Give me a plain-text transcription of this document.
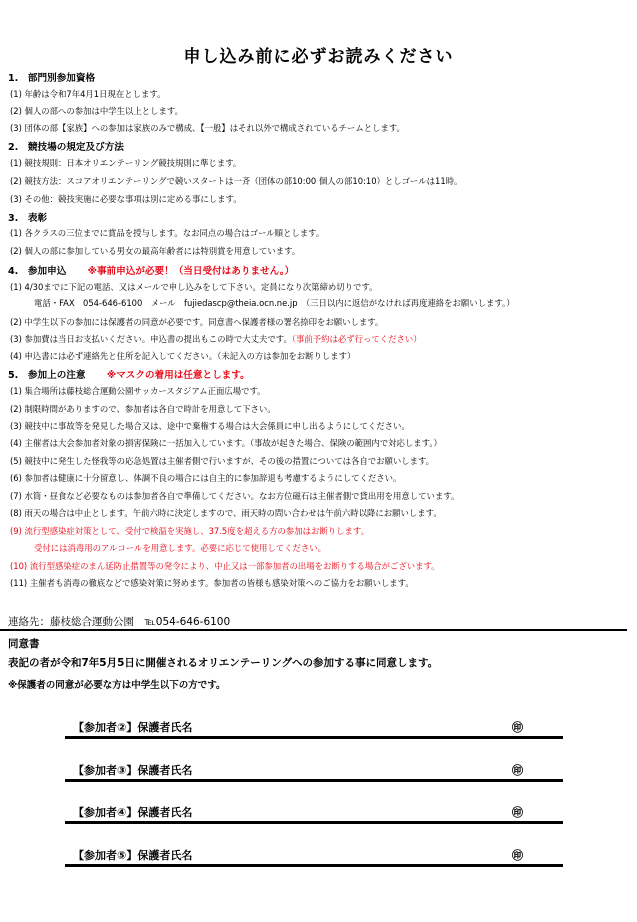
申し込み前に必ずお読みください
1.　部門別参加資格
(1) 年齢は令和7年4月1日現在とします。
(2) 個人の部への参加は中学生以上とします。
(3) 団体の部【家族】への参加は家族のみで構成、【一般】はそれ以外で構成されているチームとします。
2.　競技場の規定及び方法
(1) 競技規則：日本オリエンテーリング競技規則に準じます。
(2) 競技方法：スコアオリエンテーリングで競いスタートは一斉（団体の部10:00 個人の部10:10）としゴールは11時。
(3) その他：競技実施に必要な事項は別に定める事にします。
3.　表彰
(1) 各クラスの三位までに賞品を授与します。なお同点の場合はゴール順とします。
(2) 個人の部に参加している男女の最高年齢者には特別賞を用意しています。
4.　参加申込 ※事前申込が必要！（当日受付はありません。）
(1) 4/30までに下記の電話、又はメールで申し込みをして下さい。定員になり次第締め切りです。
電話・FAX　054-646-6100　メール　fujiedascp@theia.ocn.ne.jp　（三日以内に返信がなければ再度連絡をお願いします。）
(2) 中学生以下の参加には保護者の同意が必要です。同意書へ保護者様の署名捺印をお願いします。
(3) 参加費は当日お支払いください。申込書の提出もこの時で大丈夫です。（事前予約は必ず行ってください）
(4) 申込書には必ず連絡先と住所を記入してください。（未記入の方は参加をお断りします）
5.　参加上の注意 ※マスクの着用は任意とします。
(1) 集合場所は藤枝総合運動公園サッカースタジアム正面広場です。
(2) 制限時間がありますので、参加者は各自で時計を用意して下さい。
(3) 競技中に事故等を発見した場合又は、途中で棄権する場合は大会係員に申し出るようにしてください。
(4) 主催者は大会参加者対象の損害保険に一括加入しています。（事故が起きた場合、保険の範囲内で対応します。）
(5) 競技中に発生した怪我等の応急処置は主催者側で行いますが、その後の措置については各自でお願いします。
(6) 参加者は健康に十分留意し、体調不良の場合には自主的に参加辞退も考慮するようにしてください。
(7) 水筒・昼食など必要なものは参加者各自で準備してください。なお方位磁石は主催者側で貸出用を用意しています。
(8) 雨天の場合は中止とします。午前六時に決定しますので、雨天時の問い合わせは午前六時以降にお願いします。
(9) 流行型感染症対策として、受付で検温を実施し、37.5度を超える方の参加はお断りします。
受付には消毒用のアルコールを用意します。必要に応じて使用してください。
(10) 流行型感染症のまん延防止措置等の発令により、中止又は一部参加者の出場をお断りする場合がございます。
(11) 主催者も消毒の徹底などで感染対策に努めます。参加者の皆様も感染対策へのご協力をお願いします。
連絡先：藤枝総合運動公園　℡054-646-6100
同意書
表記の者が令和7年5月5日に開催されるオリエンテーリングへの参加する事に同意します。
※保護者の同意が必要な方は中学生以下の方です。
【参加者②】保護者氏名	㊞
【参加者③】保護者氏名	㊞
【参加者④】保護者氏名	㊞
【参加者⑤】保護者氏名	㊞
